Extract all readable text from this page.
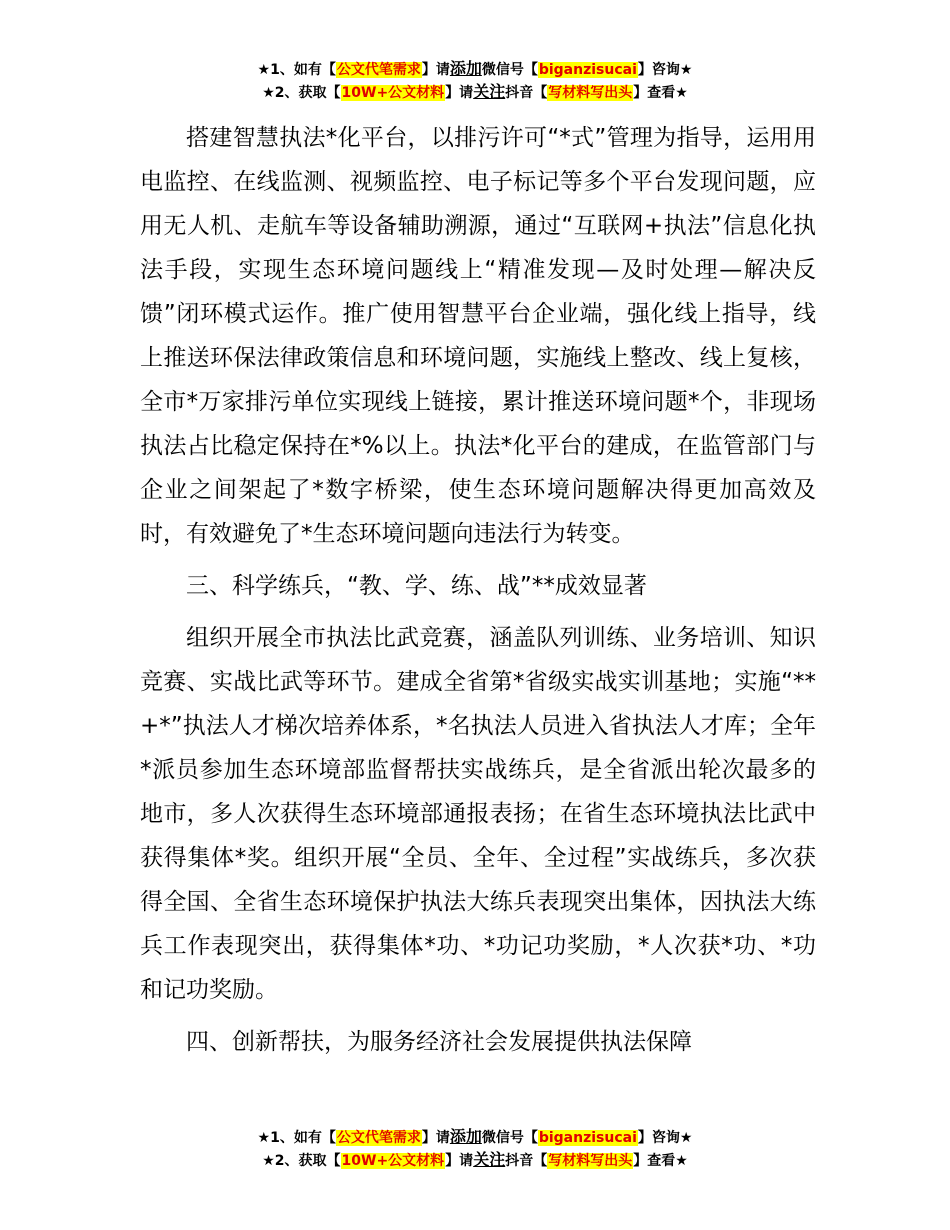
★1、如有【公文代笔需求】请添加微信号【biganzisucai】咨询★
★2、获取【10W+公文材料】请关注抖音【写材料写出头】查看★

搭建智慧执法*化平台，以排污许可“*式”管理为指导，运用用电监控、在线监测、视频监控、电子标记等多个平台发现问题，应用无人机、走航车等设备辅助溯源，通过“互联网+执法”信息化执法手段，实现生态环境问题线上“精准发现—及时处理—解决反馈”闭环模式运作。推广使用智慧平台企业端，强化线上指导，线上推送环保法律政策信息和环境问题，实施线上整改、线上复核，全市*万家排污单位实现线上链接，累计推送环境问题*个，非现场执法占比稳定保持在*%以上。执法*化平台的建成，在监管部门与企业之间架起了*数字桥梁，使生态环境问题解决得更加高效及时，有效避免了*生态环境问题向违法行为转变。

三、科学练兵，“教、学、练、战”**成效显著

组织开展全市执法比武竞赛，涵盖队列训练、业务培训、知识竞赛、实战比武等环节。建成全省第*省级实战实训基地；实施“**+*”执法人才梯次培养体系，*名执法人员进入省执法人才库；全年*派员参加生态环境部监督帮扶实战练兵，是全省派出轮次最多的地市，多人次获得生态环境部通报表扬；在省生态环境执法比武中获得集体*奖。组织开展“全员、全年、全过程”实战练兵，多次获得全国、全省生态环境保护执法大练兵表现突出集体，因执法大练兵工作表现突出，获得集体*功、*功记功奖励，*人次获*功、*功和记功奖励。

四、创新帮扶，为服务经济社会发展提供执法保障

★1、如有【公文代笔需求】请添加微信号【biganzisucai】咨询★
★2、获取【10W+公文材料】请关注抖音【写材料写出头】查看★
